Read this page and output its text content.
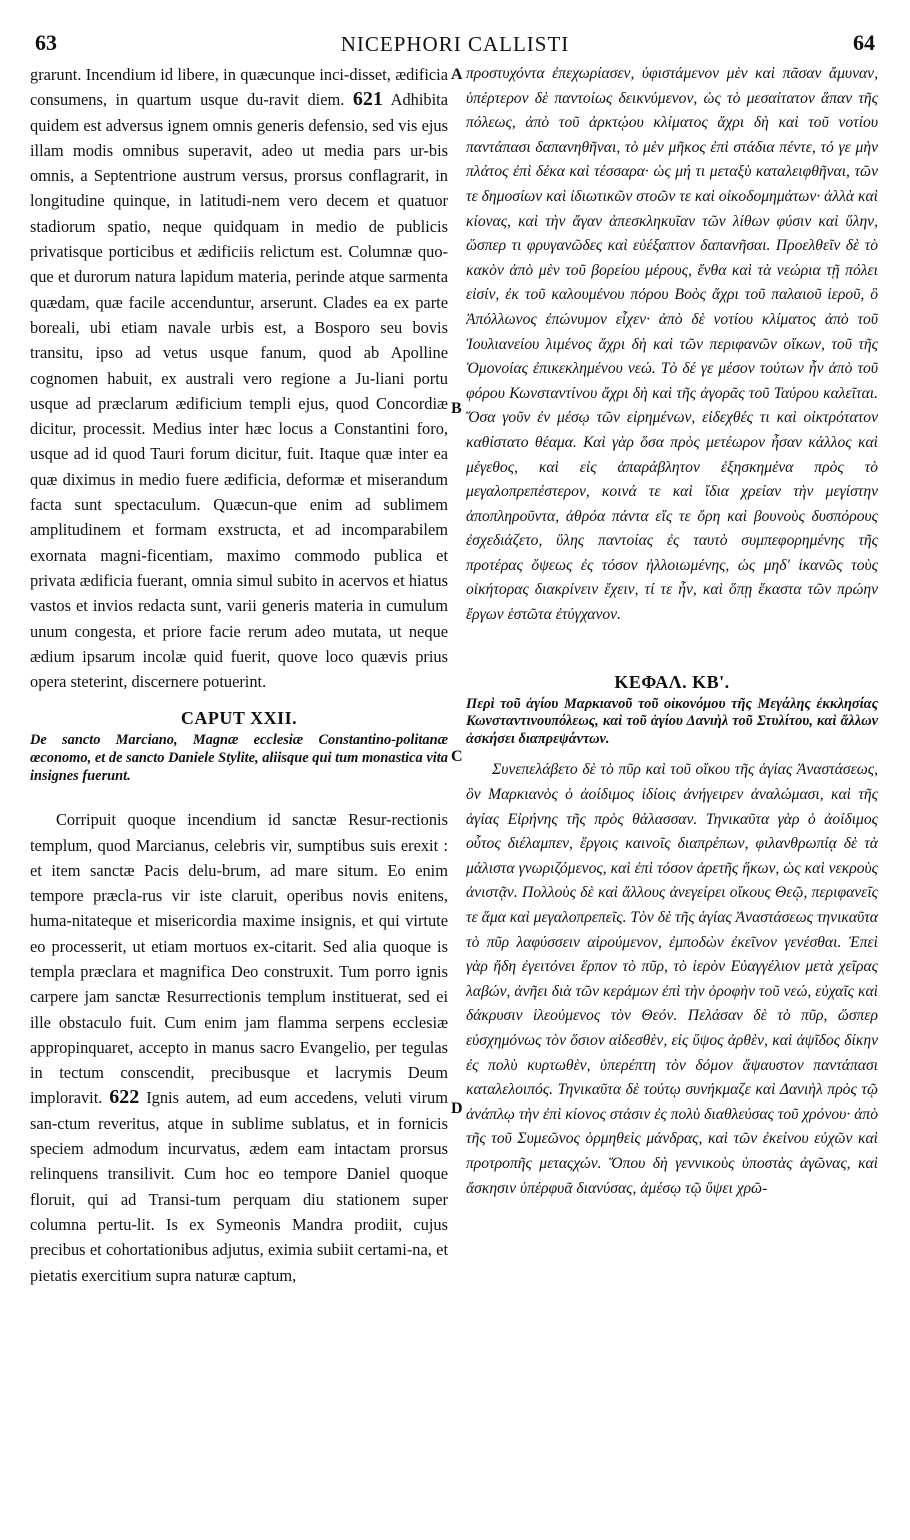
63	NICEPHORI CALLISTI	64

grarunt. Incendium id libere, in quæcunque inci-disset, ædificia consumens, in quartum usque du-ravit diem. 621 Adhibita quidem est adversus ignem omnis generis defensio, sed vis ejus illam modis omnibus superavit, adeo ut media pars ur-bis omnis, a Septentrione austrum versus, prorsus conflagrarit, in longitudine quinque, in latitudi-nem vero decem et quatuor stadiorum spatio, neque quidquam in medio de publicis privatisque porticibus et ædificiis relictum est. Columnæ quo-que et durorum natura lapidum materia, perinde atque sarmenta quædam, quæ facile accenduntur, arserunt. Clades ea ex parte boreali, ubi etiam navale urbis est, a Bosporo seu bovis transitu, ipso ad vetus usque fanum, quod ab Apolline cognomen habuit, ex australi vero regione a Ju-liani portu usque ad præclarum ædificium templi ejus, quod Concordiæ dicitur, processit. Medius inter hæc locus a Constantini foro, usque ad id quod Tauri forum dicitur, fuit. Itaque quæ inter ea quæ diximus in medio fuere ædificia, deformæ et miserandum facta sunt spectaculum. Quæcun-que enim ad sublimem amplitudinem et formam exstructa, et ad incomparabilem exornata magni-ficentiam, maximo commodo publica et privata ædificia fuerant, omnia simul subito in acervos et hiatus vastos et invios redacta sunt, varii generis materia in cumulum unum congesta, et priore facie rerum adeo mutata, ut neque ædium ipsarum incolæ quid fuerit, quove loco quævis prius opera steterint, discernere potuerint.

CAPUT XXII.

De sancto Marciano, Magnæ ecclesiæ Constantino-politanæ œconomo, et de sancto Daniele Stylite, aliisque qui tum monastica vita insignes fuerunt.

Corripuit quoque incendium id sanctæ Resur-rectionis templum, quod Marcianus, celebris vir, sumptibus suis erexit : et item sanctæ Pacis delu-brum, ad mare situm. Eo enim tempore præcla-rus vir iste claruit, operibus novis enitens, huma-nitateque et misericordia maxime insignis, et qui virtute eo processerit, ut etiam mortuos ex-citarit. Sed alia quoque is templa præclara et magnifica Deo construxit. Tum porro ignis carpere jam sanctæ Resurrectionis templum instituerat, sed ei ille obstaculo fuit. Cum enim jam flamma serpens ecclesiæ appropinquaret, accepto in manus sacro Evangelio, per tegulas in tectum conscendit, precibusque et lacrymis Deum imploravit. 622 Ignis autem, ad eum accedens, veluti virum san-ctum reveritus, atque in sublime sublatus, et in fornicis speciem admodum incurvatus, ædem eam intactam prorsus relinquens transilivit. Cum hoc eo tempore Daniel quoque floruit, qui ad Transi-tum perquam diu stationem super columna pertu-lit. Is ex Symeonis Mandra prodiit, cujus precibus et cohortationibus adjutus, eximia subiit certami-na, et pietatis exercitium supra naturæ captum,

A
B
C
D

προστυχόντα ἐπεχωρίασεν, ὑφιστάμενον μὲν καὶ πᾶσαν ἄμυναν, ὑπέρτερον δὲ παντοίως δεικνύμενον, ὡς τὸ μεσαίτατον ἅπαν τῆς πόλεως, ἀπὸ τοῦ ἀρκτῴου κλίματος ἄχρι δὴ καὶ τοῦ νοτίου παντάπασι δαπανηθῆναι, τὸ μὲν μῆκος ἐπὶ στάδια πέντε, τό γε μὴν πλάτος ἐπὶ δέκα καὶ τέσσαρα· ὡς μή τι μεταξὺ καταλειφθῆναι, τῶν τε δημοσίων καὶ ἰδιωτικῶν στοῶν τε καὶ οἰκοδομημάτων· ἀλλὰ καὶ κίονας, καὶ τὴν ἄγαν ἀπεσκληκυῖαν τῶν λίθων φύσιν καὶ ὕλην, ὥσπερ τι φρυγανῶδες καὶ εὐέξαπτον δαπανῆσαι. Προελθεῖν δὲ τὸ κακὸν ἀπὸ μὲν τοῦ βορείου μέρους, ἔνθα καὶ τὰ νεώρια τῇ πόλει εἰσίν, ἐκ τοῦ καλουμένου πόρου Βοὸς ἄχρι τοῦ παλαιοῦ ἱεροῦ, ὃ Ἀπόλλωνος ἐπώνυμον εἶχεν· ἀπὸ δὲ νοτίου κλίματος ἀπὸ τοῦ Ἰουλιανείου λιμένος ἄχρι δὴ καὶ τῶν περιφανῶν οἴκων, τοῦ τῆς Ὁμονοίας ἐπικεκλημένου νεώ. Τὸ δέ γε μέσον τούτων ἦν ἀπὸ τοῦ φόρου Κωνσταντίνου ἄχρι δὴ καὶ τῆς ἀγορᾶς τοῦ Ταύρου καλεῖται. Ὅσα γοῦν ἐν μέσῳ τῶν εἰρημένων, εἰδεχθές τι καὶ οἰκτρότατον καθίστατο θέαμα. Καὶ γὰρ ὅσα πρὸς μετέωρον ἦσαν κάλλος καὶ μέγεθος, καὶ εἰς ἀπαράβλητον ἐξησκημένα πρὸς τὸ μεγαλοπρεπέστερον, κοινά τε καὶ ἴδια χρείαν τὴν μεγίστην ἀποπληροῦντα, ἀθρόα πάντα εἴς τε ὄρη καὶ βουνοὺς δυσπόρους ἐσχεδιάζετο, ὕλης παντοίας ἐς ταυτὸ συμπεφορημένης τῆς προτέρας ὄψεως ἐς τόσον ἠλλοιωμένης, ὡς μηδ' ἱκανῶς τοὺς οἰκήτορας διακρίνειν ἔχειν, τί τε ἦν, καὶ ὅπῃ ἕκαστα τῶν πρώην ἔργων ἑστῶτα ἐτύγχανον.

ΚΕΦΑΛ. ΚΒ'.

Περὶ τοῦ ἁγίου Μαρκιανοῦ τοῦ οἰκονόμου τῆς Μεγάλης ἐκκλησίας Κωνσταντινουπόλεως, καὶ τοῦ ἁγίου Δανιὴλ τοῦ Στυλίτου, καὶ ἄλλων ἀσκήσει διαπρεψάντων.

Συνεπελάβετο δὲ τὸ πῦρ καὶ τοῦ οἴκου τῆς ἁγίας Ἀναστάσεως, ὃν Μαρκιανὸς ὁ ἀοίδιμος ἰδίοις ἀνήγειρεν ἀναλώμασι, καὶ τῆς ἁγίας Εἰρήνης τῆς πρὸς θάλασσαν. Τηνικαῦτα γὰρ ὁ ἀοίδιμος οὗτος διέλαμπεν, ἔργοις καινοῖς διαπρέπων, φιλανθρωπίᾳ δὲ τὰ μάλιστα γνωριζόμενος, καὶ ἐπὶ τόσον ἀρετῆς ἥκων, ὡς καὶ νεκροὺς ἀνιστᾷν. Πολλοὺς δὲ καὶ ἄλλους ἀνεγείρει οἴκους Θεῷ, περιφανεῖς τε ἅμα καὶ μεγαλοπρεπεῖς. Τὸν δὲ τῆς ἁγίας Ἀναστάσεως τηνικαῦτα τὸ πῦρ λαφύσσειν αἱρούμενον, ἐμποδὼν ἐκεῖνον γενέσθαι. Ἐπεὶ γὰρ ἤδη ἐγειτόνει ἕρπον τὸ πῦρ, τὸ ἱερὸν Εὐαγγέλιον μετὰ χεῖρας λαβών, ἀνῆει διὰ τῶν κεράμων ἐπὶ τὴν ὀροφὴν τοῦ νεώ, εὐχαῖς καὶ δάκρυσιν ἱλεούμενος τὸν Θεόν. Πελάσαν δὲ τὸ πῦρ, ὥσπερ εὐσχημόνως τὸν ὅσιον αἰδεσθὲν, εἰς ὕψος ἀρθὲν, καὶ ἀψῖδος δίκην ἐς πολὺ κυρτωθὲν, ὑπερέπτη τὸν δόμον ἄψαυστον παντάπασι καταλελοιπός. Τηνικαῦτα δὲ τούτῳ συνήκμαζε καὶ Δανιὴλ πρὸς τῷ ἀνάπλῳ τὴν ἐπὶ κίονος στάσιν ἐς πολὺ διαθλεύσας τοῦ χρόνου· ἀπὸ τῆς τοῦ Συμεῶνος ὁρμηθεὶς μάνδρας, καὶ τῶν ἐκείνου εὐχῶν καὶ προτροπῆς μεταςχών. Ὅπου δὴ γεννικοὺς ὑποστὰς ἀγῶνας, καὶ ἄσκησιν ὑπέρφυᾶ διανύσας, ἀμέσῳ τῷ ὕψει χρῶ-
